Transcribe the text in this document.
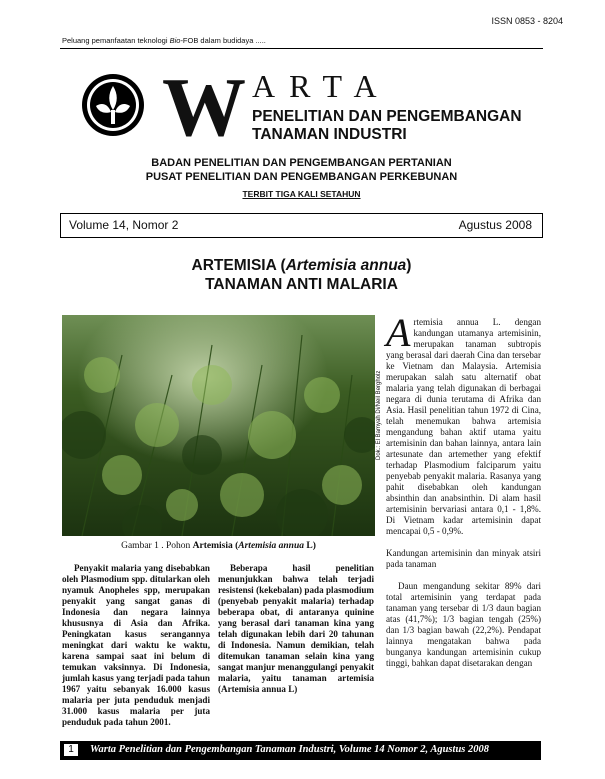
ISSN 0853 - 8204
Peluang pemanfaatan teknologi Bio-FOB dalam budidaya .....
W ARTA
PENELITIAN DAN PENGEMBANGAN
TANAMAN INDUSTRI
BADAN PENELITIAN DAN PENGEMBANGAN PERTANIAN
PUSAT PENELITIAN DAN PENGEMBANGAN PERKEBUNAN
TERBIT TIGA KALI SETAHUN
Volume 14, Nomor 2	Agustus 2008
ARTEMISIA (Artemisia annua)
TANAMAN ANTI MALARIA
Dok.: El Bamyah Di/Neil Bergholz
Gambar 1 . Pohon Artemisia (Artemisia annua L)

Penyakit malaria yang disebabkan oleh Plasmodium spp. ditularkan oleh nyamuk Anopheles spp, merupakan penyakit yang sangat ganas di Indonesia dan negara lainnya khususnya di Asia dan Afrika. Peningkatan kasus serangannya meningkat dari waktu ke waktu, karena sampai saat ini belum di temukan vaksinnya. Di Indonesia, jumlah kasus yang terjadi pada tahun 1967 yaitu sebanyak 16.000 kasus malaria per juta penduduk menjadi 31.000 kasus malaria per juta penduduk pada tahun 2001.

Beberapa hasil penelitian menunjukkan bahwa telah terjadi resistensi (kekebalan) pada plasmodium (penyebab penyakit malaria) terhadap beberapa obat, di antaranya quinine yang berasal dari tanaman kina yang telah digunakan lebih dari 20 tahunan di Indonesia. Namun demikian, telah ditemukan tanaman selain kina yang sangat manjur menanggulangi penyakit malaria, yaitu tanaman artemisia (Artemisia annua L)

A rtemisia annua L. dengan kandungan utamanya artemisinin, merupakan tanaman subtropis yang berasal dari daerah Cina dan tersebar ke Vietnam dan Malaysia. Artemisia merupakan salah satu alternatif obat malaria yang telah digunakan di berbagai negara di dunia terutama di Afrika dan Asia. Hasil penelitian tahun 1972 di Cina, telah menemukan bahwa artemisia mengandung bahan aktif utama yaitu artemisinin dan bahan lainnya, antara lain artesunate dan artemether yang efektif terhadap Plasmodium falciparum yaitu penyebab penyakit malaria. Rasanya yang pahit disebabkan oleh kandungan absinthin dan anabsinthin. Di alam hasil artemisinin bervariasi antara 0,1 - 1,8%. Di Vietnam kadar artemisinin dapat mencapai 0,5 - 0,9%.

Kandungan artemisinin dan minyak atsiri pada tanaman

Daun mengandung sekitar 89% dari total artemisinin yang terdapat pada tanaman yang tersebar di 1/3 daun bagian atas (41,7%); 1/3 bagian tengah (25%) dan 1/3 bagian bawah (22,2%). Pendapat lainnya mengatakan bahwa pada bunganya kandungan artemisinin cukup tinggi, bahkan dapat disetarakan dengan

1	Warta Penelitian dan Pengembangan Tanaman Industri, Volume 14 Nomor 2, Agustus 2008
